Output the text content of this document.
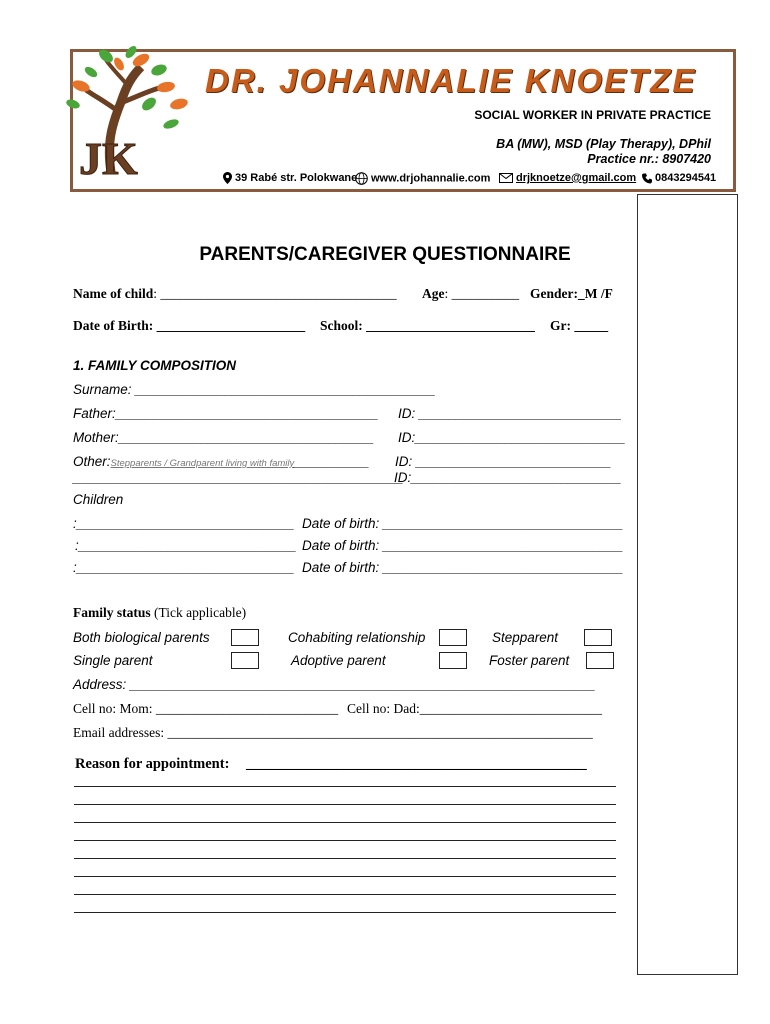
JK
DR. JOHANNALIE KNOETZE
SOCIAL WORKER IN PRIVATE PRACTICE
BA (MW), MSD (Play Therapy), DPhil
Practice nr.: 8907420
39 Rabé str. Polokwane	www.drjohannalie.com	drjknoetze@gmail.com	0843294541
PARENTS/CAREGIVER QUESTIONNAIRE
Name of child: ___________________________________ Age: __________ Gender:_M /F
Date of Birth: ______________________ School: _________________________ Gr: _____
1. FAMILY COMPOSITION
Surname: ________________________________________
Father:___________________________________ ID: ___________________________
Mother:__________________________________ ID:____________________________
Other:Stepparents / Grandparent living with family__________ ID: __________________________
____________________________________________
ID:____________________________
Children
:_____________________________ Date of birth: ________________________________
:_____________________________ Date of birth: ________________________________
:_____________________________ Date of birth: ________________________________
Family status (Tick applicable)
Both biological parents	Cohabiting relationship	Stepparent
Single parent	Adoptive parent	Foster parent
Address: ______________________________________________________________
Cell no: Mom: ___________________________ Cell no: Dad:___________________________
Email addresses: _______________________________________________________________
Reason for appointment: _______________________________________________
